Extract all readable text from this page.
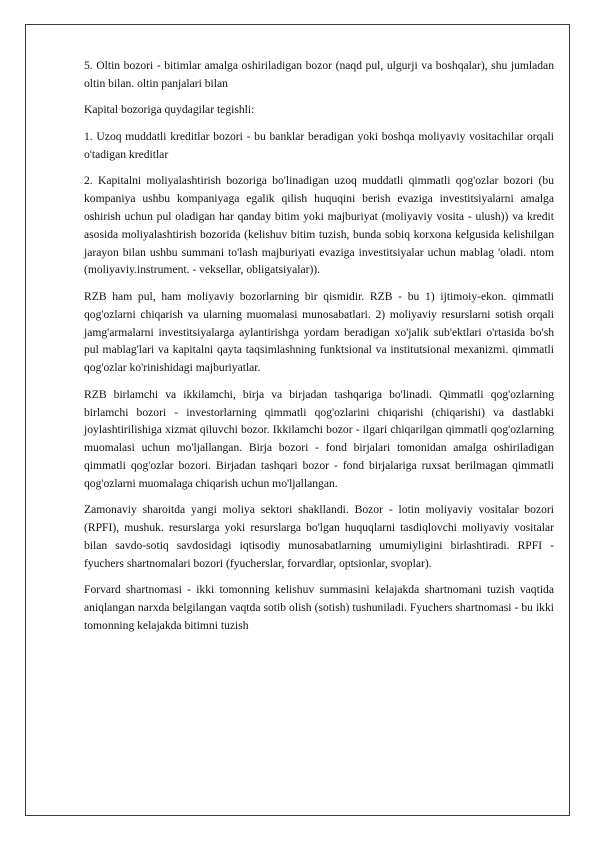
5. Oltin bozori - bitimlar amalga oshiriladigan bozor (naqd pul, ulgurji va boshqalar), shu jumladan oltin bilan. oltin panjalari bilan

Kapital bozoriga quydagilar tegishli:

1. Uzoq muddatli kreditlar bozori - bu banklar beradigan yoki boshqa moliyaviy vositachilar orqali o'tadigan kreditlar

2. Kapitalni moliyalashtirish bozoriga bo'linadigan uzoq muddatli qimmatli qog'ozlar bozori (bu kompaniya ushbu kompaniyaga egalik qilish huquqini berish evaziga investitsiyalarni amalga oshirish uchun pul oladigan har qanday bitim yoki majburiyat (moliyaviy vosita - ulush)) va kredit asosida moliyalashtirish bozorida (kelishuv bitim tuzish, bunda sobiq korxona kelgusida kelishilgan jarayon bilan ushbu summani to'lash majburiyati evaziga investitsiyalar uchun mablag 'oladi. ntom (moliyaviy.instrument. - veksellar, obligatsiyalar)).

RZB ham pul, ham moliyaviy bozorlarning bir qismidir. RZB - bu 1) ijtimoiy-ekon. qimmatli qog'ozlarni chiqarish va ularning muomalasi munosabatlari. 2) moliyaviy resurslarni sotish orqali jamg'armalarni investitsiyalarga aylantirishga yordam beradigan xo'jalik sub'ektlari o'rtasida bo'sh pul mablag'lari va kapitalni qayta taqsimlashning funktsional va institutsional mexanizmi. qimmatli qog'ozlar ko'rinishidagi majburiyatlar.

RZB birlamchi va ikkilamchi, birja va birjadan tashqariga bo'linadi. Qimmatli qog'ozlarning birlamchi bozori - investorlarning qimmatli qog'ozlarini chiqarishi (chiqarishi) va dastlabki joylashtirilishiga xizmat qiluvchi bozor. Ikkilamchi bozor - ilgari chiqarilgan qimmatli qog'ozlarning muomalasi uchun mo'ljallangan. Birja bozori - fond birjalari tomonidan amalga oshiriladigan qimmatli qog'ozlar bozori. Birjadan tashqari bozor - fond birjalariga ruxsat berilmagan qimmatli qog'ozlarni muomalaga chiqarish uchun mo'ljallangan.

Zamonaviy sharoitda yangi moliya sektori shakllandi. Bozor - lotin moliyaviy vositalar bozori (RPFI), mushuk. resurslarga yoki resurslarga bo'lgan huquqlarni tasdiqlovchi moliyaviy vositalar bilan savdo-sotiq savdosidagi iqtisodiy munosabatlarning umumiyligini birlashtiradi. RPFI - fyuchers shartnomalari bozori (fyucherslar, forvardlar, optsionlar, svoplar).

Forvard shartnomasi - ikki tomonning kelishuv summasini kelajakda shartnomani tuzish vaqtida aniqlangan narxda belgilangan vaqtda sotib olish (sotish) tushuniladi. Fyuchers shartnomasi - bu ikki tomonning kelajakda bitimni tuzish
